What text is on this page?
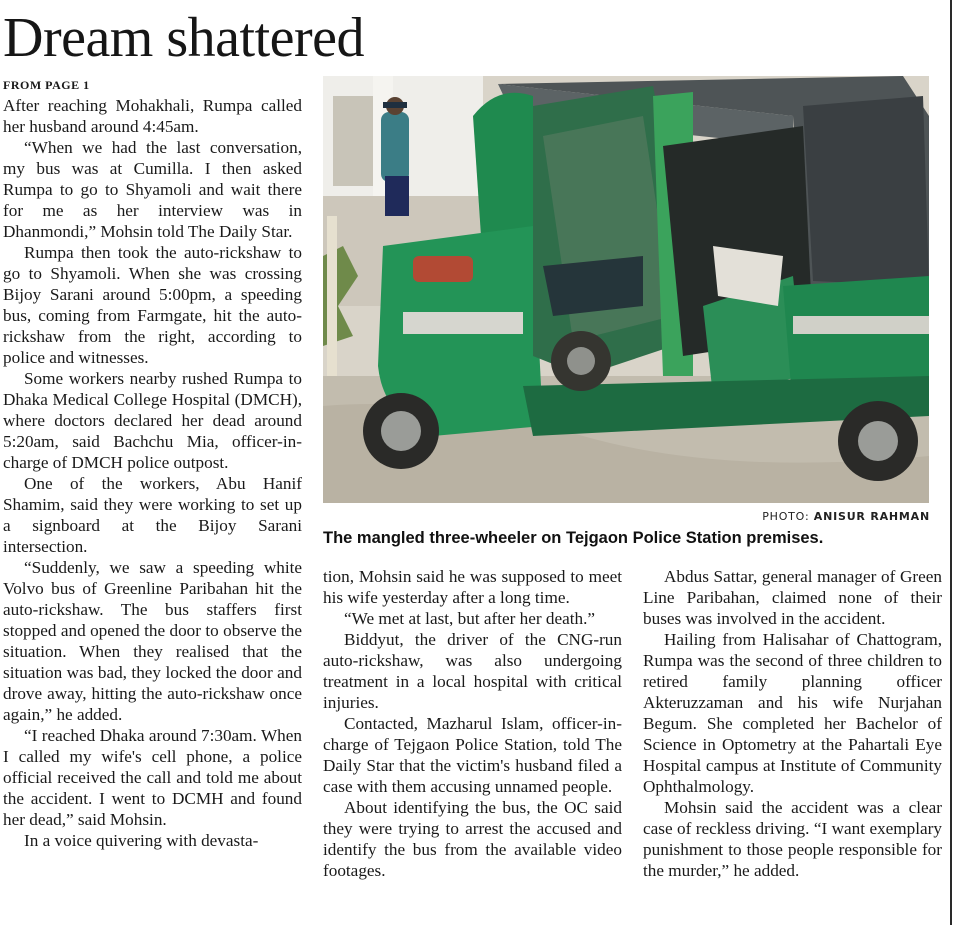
Dream shattered
FROM PAGE 1

After reaching Mohakhali, Rumpa called her husband around 4:45am.

“When we had the last conversation, my bus was at Cumilla. I then asked Rumpa to go to Shyamoli and wait there for me as her interview was in Dhanmondi,” Mohsin told The Daily Star.

Rumpa then took the auto-rickshaw to go to Shyamoli. When she was crossing Bijoy Sarani around 5:00pm, a speeding bus, coming from Farmgate, hit the auto-rickshaw from the right, according to police and witnesses.

Some workers nearby rushed Rumpa to Dhaka Medical College Hospital (DMCH), where doctors declared her dead around 5:20am, said Bachchu Mia, officer-in-charge of DMCH police outpost.

One of the workers, Abu Hanif Shamim, said they were working to set up a signboard at the Bijoy Sarani intersection.

“Suddenly, we saw a speeding white Volvo bus of Greenline Paribahan hit the auto-rickshaw. The bus staffers first stopped and opened the door to observe the situation. When they realised that the situation was bad, they locked the door and drove away, hitting the auto-rickshaw once again,” he added.

“I reached Dhaka around 7:30am. When I called my wife's cell phone, a police official received the call and told me about the accident. I went to DCMH and found her dead,” said Mohsin.

In a voice quivering with devasta-

PHOTO: ANISUR RAHMAN
The mangled three-wheeler on Tejgaon Police Station premises.

tion, Mohsin said he was supposed to meet his wife yesterday after a long time.

“We met at last, but after her death.”

Biddyut, the driver of the CNG-run auto-rickshaw, was also undergoing treatment in a local hospital with critical injuries.

Contacted, Mazharul Islam, officer-in-charge of Tejgaon Police Station, told The Daily Star that the victim's husband filed a case with them accusing unnamed people.

About identifying the bus, the OC said they were trying to arrest the accused and identify the bus from the available video footages.

Abdus Sattar, general manager of Green Line Paribahan, claimed none of their buses was involved in the accident.

Hailing from Halisahar of Chattogram, Rumpa was the second of three children to retired family planning officer Akteruzzaman and his wife Nurjahan Begum. She completed her Bachelor of Science in Optometry at the Pahartali Eye Hospital campus at Institute of Community Ophthalmology.

Mohsin said the accident was a clear case of reckless driving. “I want exemplary punishment to those people responsible for the murder,” he added.
